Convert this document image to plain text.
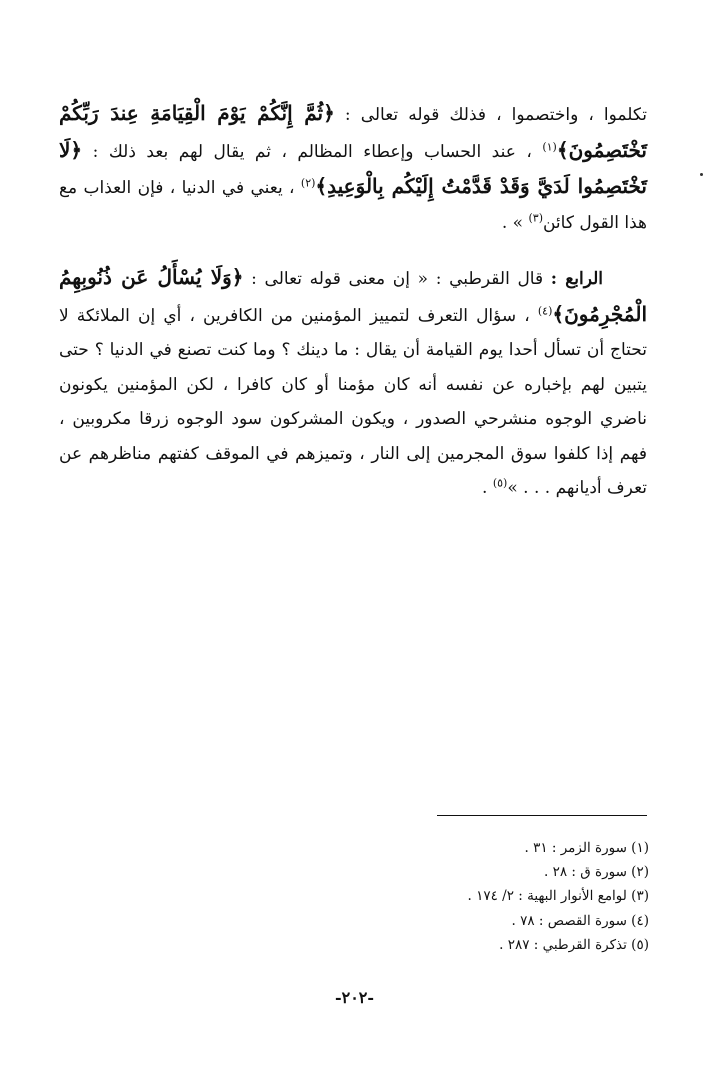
تكلموا ، واختصموا ، فذلك قوله تعالى : ﴿ثُمَّ إِنَّكُمْ يَوْمَ الْقِيَامَةِ عِندَ رَبِّكُمْ تَخْتَصِمُونَ﴾$^{(١)}$ ، عند الحساب وإعطاء المظالم ، ثم يقال لهم بعد ذلك : ﴿لَا تَخْتَصِمُوا لَدَيَّ وَقَدْ قَدَّمْتُ إِلَيْكُم بِالْوَعِيدِ﴾$^{(٢)}$ ، يعني في الدنيا ، فإن العذاب مع هذا القول كائن$^{(٣)}$ » .

الرابع : قال القرطبي : « إن معنى قوله تعالى : ﴿وَلَا يُسْأَلُ عَن ذُنُوبِهِمُ الْمُجْرِمُونَ﴾$^{(٤)}$ ، سؤال التعرف لتمييز المؤمنين من الكافرين ، أي إن الملائكة لا تحتاج أن تسأل أحدا يوم القيامة أن يقال : ما دينك ؟ وما كنت تصنع في الدنيا ؟ حتى يتبين لهم بإخباره عن نفسه أنه كان مؤمنا أو كان كافرا ، لكن المؤمنين يكونون ناضري الوجوه منشرحي الصدور ، ويكون المشركون سود الوجوه زرقا مكروبين ، فهم إذا كلفوا سوق المجرمين إلى النار ، وتميزهم في الموقف كفتهم مناظرهم عن تعرف أديانهم . . . »$^{(٥)}$ .

(١) سورة الزمر : ٣١ .
(٢) سورة ق : ٢٨ .
(٣) لوامع الأنوار البهية : ٢/ ١٧٤ .
(٤) سورة القصص : ٧٨ .
(٥) تذكرة القرطبي : ٢٨٧ .
-٢٠٢-
